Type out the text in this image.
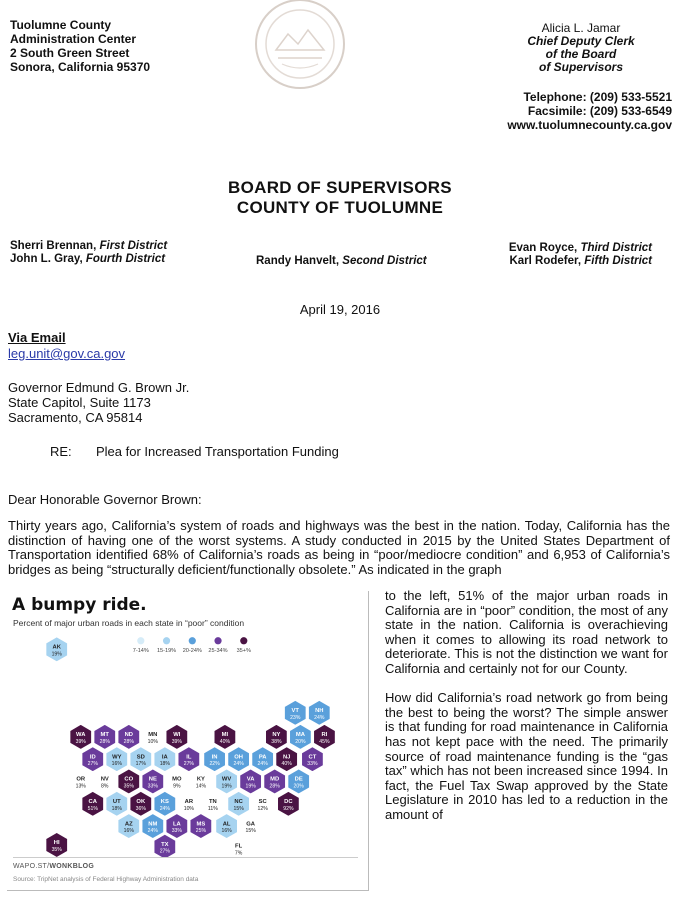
Tuolumne County
Administration Center
2 South Green Street
Sonora, California 95370
Alicia L. Jamar
Chief Deputy Clerk
of the Board
of Supervisors
Telephone: (209) 533-5521
Facsimile: (209) 533-6549
www.tuolumnecounty.ca.gov
BOARD OF SUPERVISORS
COUNTY OF TUOLUMNE
Sherri Brennan, First District
John L. Gray, Fourth District	Randy Hanvelt, Second District
Evan Royce, Third District
Karl Rodefer, Fifth District
April 19, 2016
Via Email
leg.unit@gov.ca.gov
Governor Edmund G. Brown Jr.
State Capitol, Suite 1173
Sacramento, CA 95814
RE: Plea for Increased Transportation Funding
Dear Honorable Governor Brown:
Thirty years ago, California’s system of roads and highways was the best in the nation. Today, California has the distinction of having one of the worst systems. A study conducted in 2015 by the United States Department of Transportation identified 68% of California’s roads as being in “poor/mediocre condition” and 6,953 of California’s bridges as being “structurally deficient/functionally obsolete.” As indicated in the graph

to the left, 51% of the major urban roads in California are in “poor” condition, the most of any state in the nation. California is overachieving when it comes to allowing its road network to deteriorate. This is not the distinction we want for California and certainly not for our County.

How did California’s road network go from being the best to being the worst? The simple answer is that funding for road maintenance in California has not kept pace with the need. The primarily source of road maintenance funding is the “gas tax” which has not been increased since 1994. In fact, the Fuel Tax Swap approved by the State Legislature in 2010 has led to a reduction in the amount of

A bumpy ride.
Percent of major urban roads in each state in “poor” condition
7-14% 15-19% 20-24% 25-34% 35+%
AK
19%
VT
23%
NH
24%
WA
39%
MT
28%
ND
28%
MN
10%
WI
39%
MI
40%
NY
38%
MA
20%
RI
45%
ID
27%
WY
16%
SD
17%
IA
18%
IL
27%
IN
22%
OH
24%
PA
24%
NJ
40%
CT
33%
OR
13%
NV
8%
CO
35%
NE
33%
MO
9%
KY
14%
WV
19%
VA
19%
MD
28%
DE
20%
CA
51%
UT
18%
OK
36%
KS
24%
AR
10%
TN
11%
NC
15%
SC
12%
DC
92%
AZ
16%
NM
24%
LA
33%
MS
25%
AL
16%
GA
15%
HI
35%
TX
27%
FL
7%
WAPO.ST/WONKBLOG
Source: TripNet analysis of Federal Highway Administration data
